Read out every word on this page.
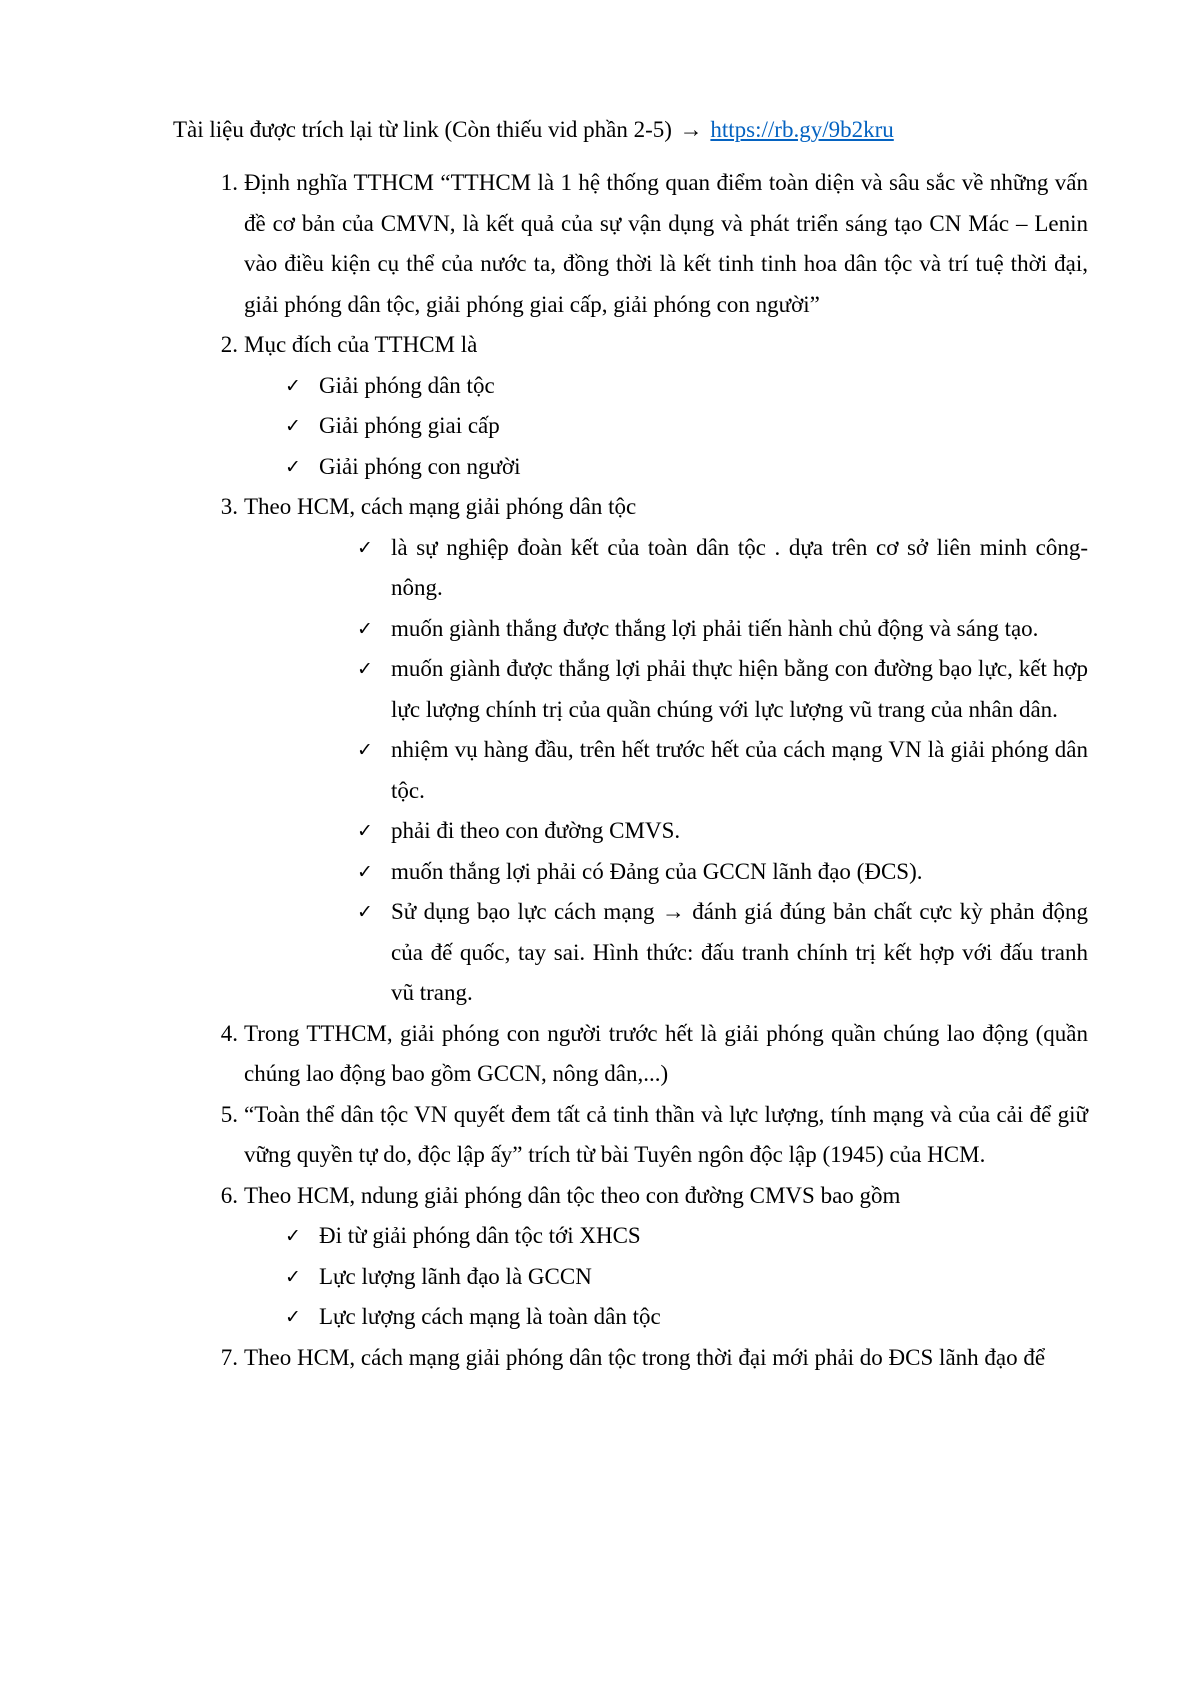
Tài liệu được trích lại từ link (Còn thiếu vid phần 2-5) → https://rb.gy/9b2kru
1. Định nghĩa TTHCM “TTHCM là 1 hệ thống quan điểm toàn diện và sâu sắc về những vấn đề cơ bản của CMVN, là kết quả của sự vận dụng và phát triển sáng tạo CN Mác – Lenin vào điều kiện cụ thể của nước ta, đồng thời là kết tinh tinh hoa dân tộc và trí tuệ thời đại, giải phóng dân tộc, giải phóng giai cấp, giải phóng con người”
2. Mục đích của TTHCM là
✓ Giải phóng dân tộc
✓ Giải phóng giai cấp
✓ Giải phóng con người
3. Theo HCM, cách mạng giải phóng dân tộc
✓ là sự nghiệp đoàn kết của toàn dân tộc . dựa trên cơ sở liên minh công-nông.
✓ muốn giành thắng được thắng lợi phải tiến hành chủ động và sáng tạo.
✓ muốn giành được thắng lợi phải thực hiện bằng con đường bạo lực, kết hợp lực lượng chính trị của quần chúng với lực lượng vũ trang của nhân dân.
✓ nhiệm vụ hàng đầu, trên hết trước hết của cách mạng VN là giải phóng dân tộc.
✓ phải đi theo con đường CMVS.
✓ muốn thắng lợi phải có Đảng của GCCN lãnh đạo (ĐCS).
✓ Sử dụng bạo lực cách mạng → đánh giá đúng bản chất cực kỳ phản động của đế quốc, tay sai. Hình thức: đấu tranh chính trị kết hợp với đấu tranh vũ trang.
4. Trong TTHCM, giải phóng con người trước hết là giải phóng quần chúng lao động (quần chúng lao động bao gồm GCCN, nông dân,...)
5. “Toàn thể dân tộc VN quyết đem tất cả tinh thần và lực lượng, tính mạng và của cải để giữ vững quyền tự do, độc lập ấy” trích từ bài Tuyên ngôn độc lập (1945) của HCM.
6. Theo HCM, ndung giải phóng dân tộc theo con đường CMVS bao gồm
✓ Đi từ giải phóng dân tộc tới XHCS
✓ Lực lượng lãnh đạo là GCCN
✓ Lực lượng cách mạng là toàn dân tộc
7. Theo HCM, cách mạng giải phóng dân tộc trong thời đại mới phải do ĐCS lãnh đạo để
